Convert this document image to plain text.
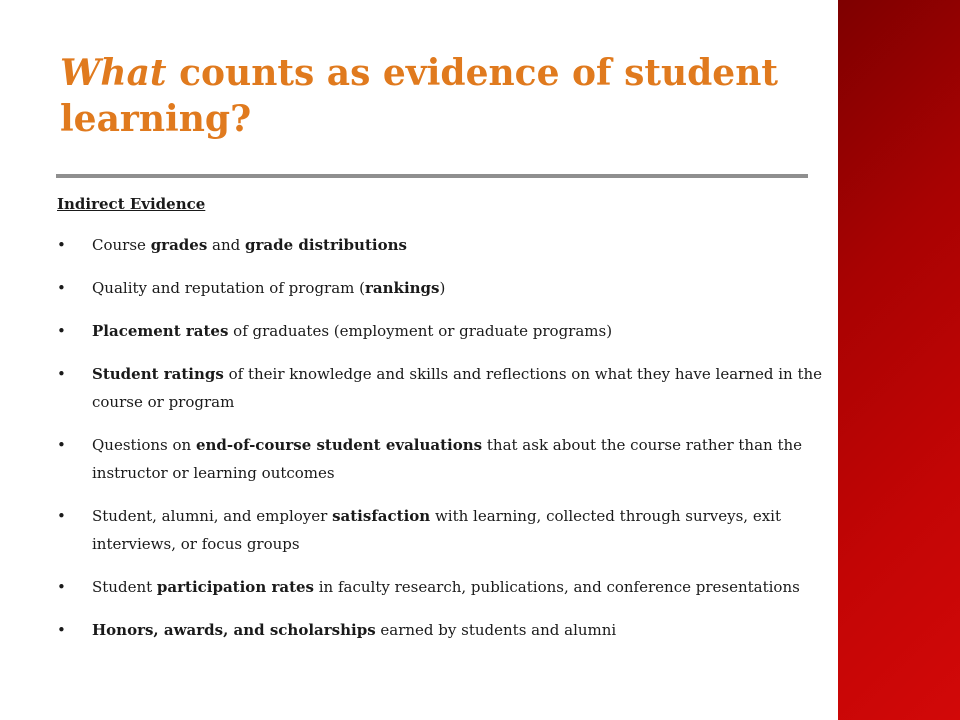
What counts as evidence of student learning?

Indirect Evidence

• Course grades and grade distributions
• Quality and reputation of program (rankings)
• Placement rates of graduates (employment or graduate programs)
• Student ratings of their knowledge and skills and reflections on what they have learned in the course or program
• Questions on end-of-course student evaluations that ask about the course rather than the instructor or learning outcomes
• Student, alumni, and employer satisfaction with learning, collected through surveys, exit interviews, or focus groups
• Student participation rates in faculty research, publications, and conference presentations
• Honors, awards, and scholarships earned by students and alumni
